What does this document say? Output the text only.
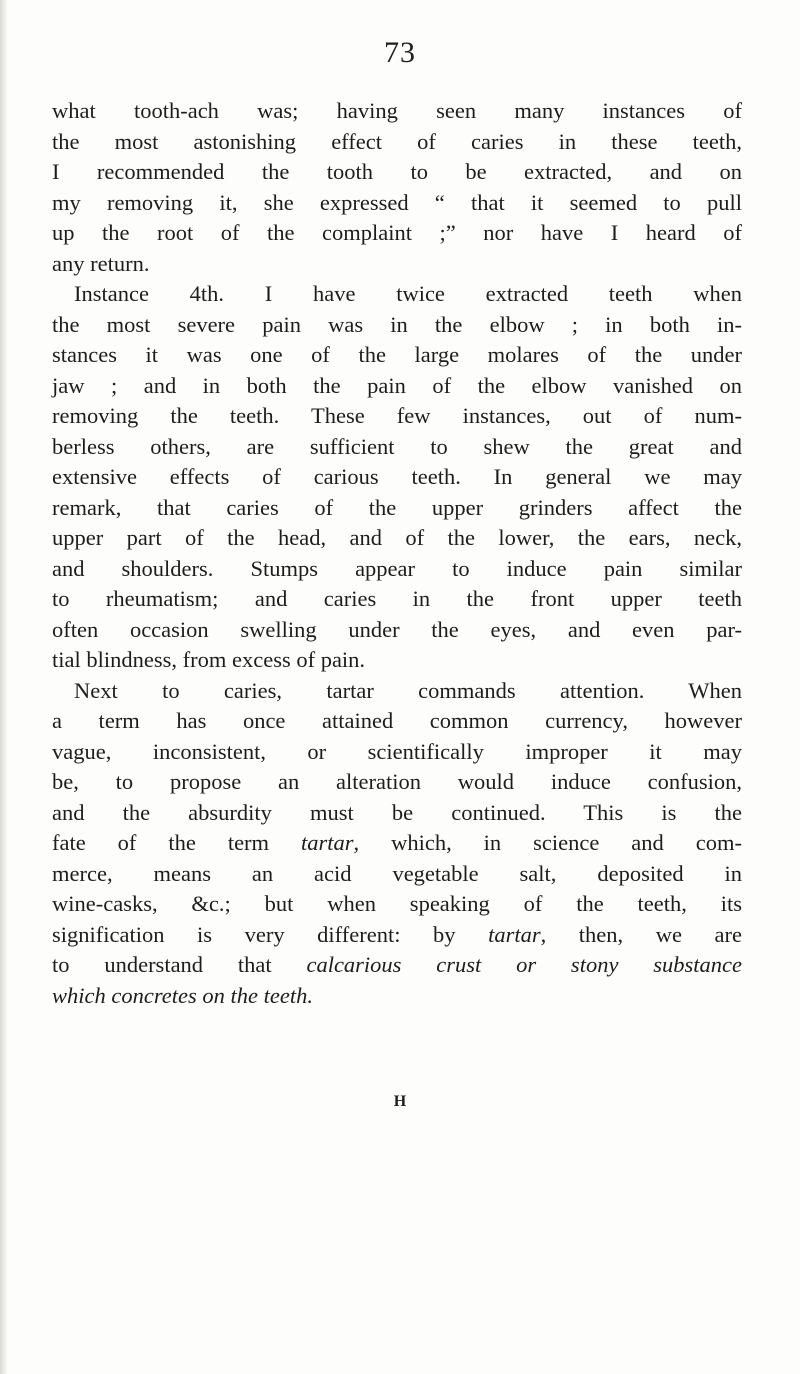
73
what tooth-ach was; having seen many instances of
the most astonishing effect of caries in these teeth,
I recommended the tooth to be extracted, and on
my removing it, she expressed “ that it seemed to pull
up the root of the complaint ;” nor have I heard of
any return.
Instance 4th. I have twice extracted teeth when
the most severe pain was in the elbow ; in both in-
stances it was one of the large molares of the under
jaw ; and in both the pain of the elbow vanished on
removing the teeth. These few instances, out of num-
berless others, are sufficient to shew the great and
extensive effects of carious teeth. In general we may
remark, that caries of the upper grinders affect the
upper part of the head, and of the lower, the ears, neck,
and shoulders. Stumps appear to induce pain similar
to rheumatism; and caries in the front upper teeth
often occasion swelling under the eyes, and even par-
tial blindness, from excess of pain.
Next to caries, tartar commands attention. When
a term has once attained common currency, however
vague, inconsistent, or scientifically improper it may
be, to propose an alteration would induce confusion,
and the absurdity must be continued. This is the
fate of the term tartar, which, in science and com-
merce, means an acid vegetable salt, deposited in
wine-casks, &c.; but when speaking of the teeth, its
signification is very different: by tartar, then, we are
to understand that calcarious crust or stony substance
which concretes on the teeth.
H
